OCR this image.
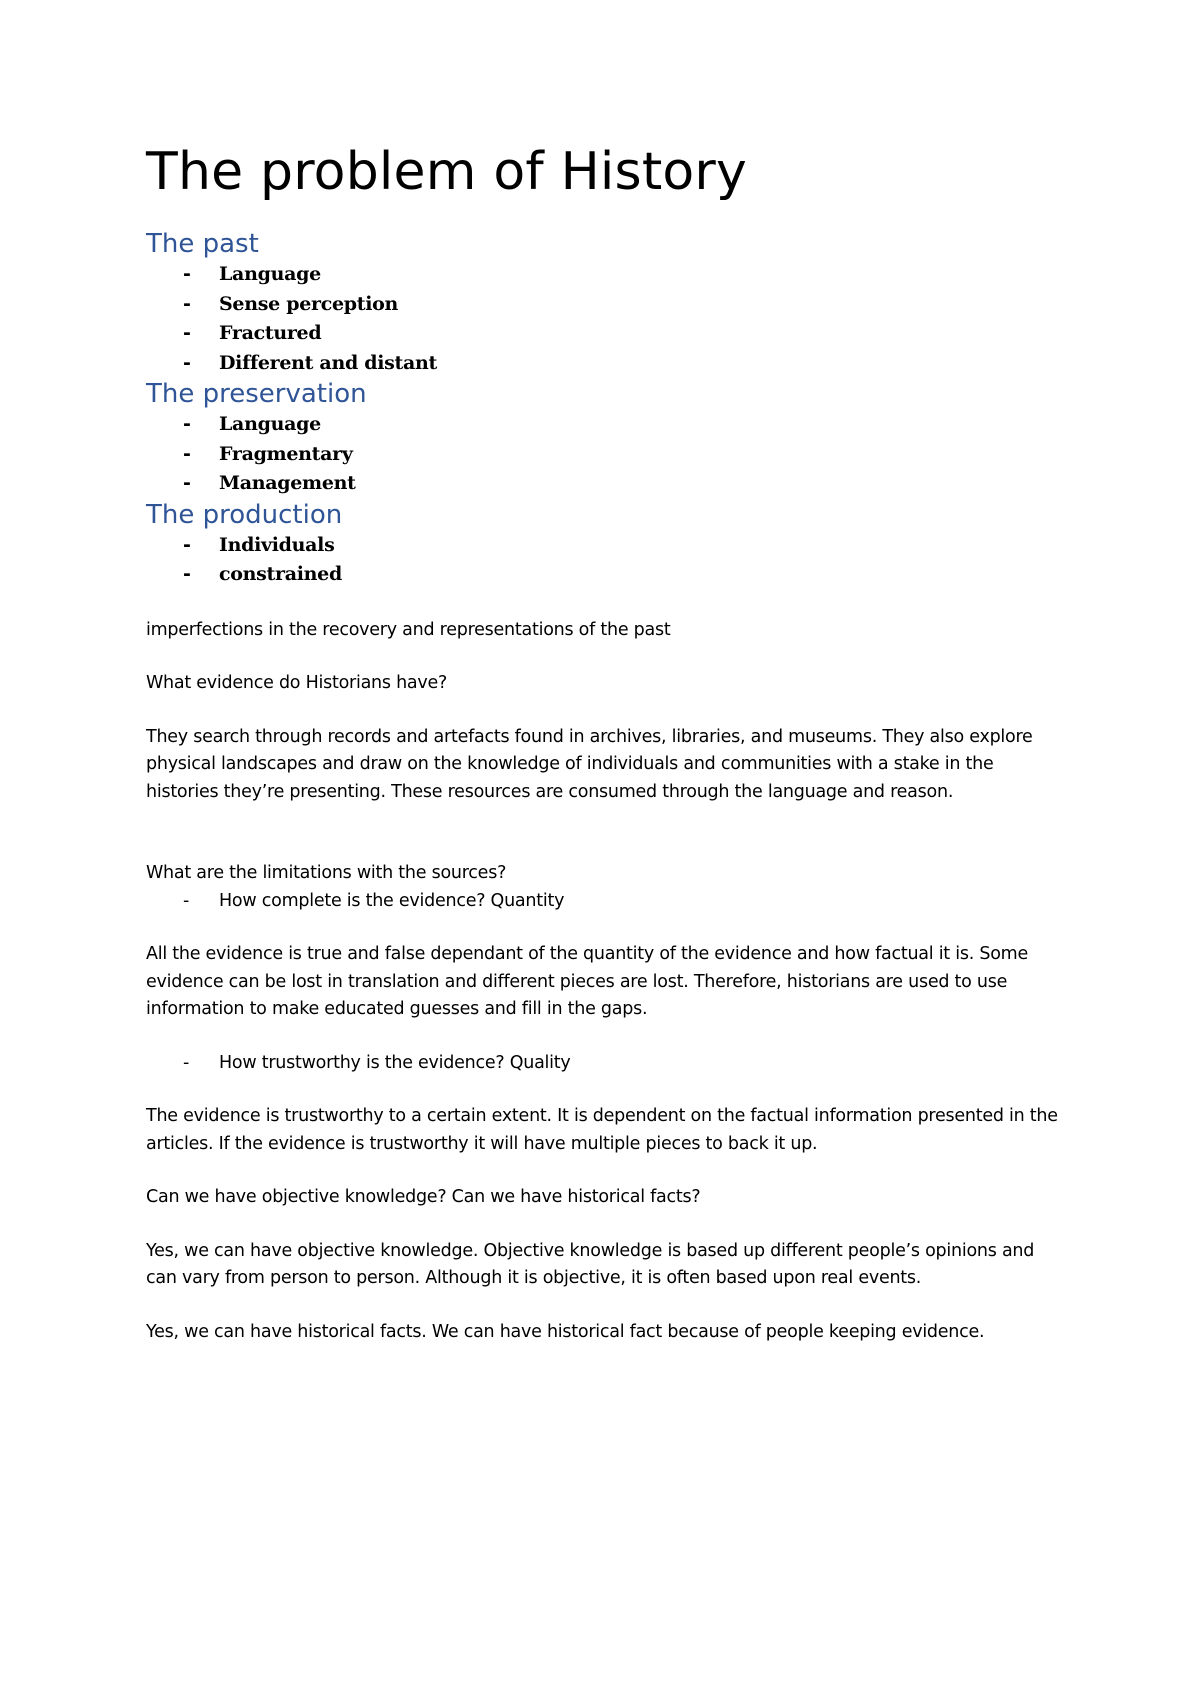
The problem of History
The past
- Language
- Sense perception
- Fractured
- Different and distant
The preservation
- Language
- Fragmentary
- Management
The production
- Individuals
- constrained

imperfections in the recovery and representations of the past

What evidence do Historians have?

They search through records and artefacts found in archives, libraries, and museums. They also explore physical landscapes and draw on the knowledge of individuals and communities with a stake in the histories they’re presenting. These resources are consumed through the language and reason.

What are the limitations with the sources?

- How complete is the evidence? Quantity

All the evidence is true and false dependant of the quantity of the evidence and how factual it is. Some evidence can be lost in translation and different pieces are lost. Therefore, historians are used to use information to make educated guesses and fill in the gaps.

- How trustworthy is the evidence? Quality

The evidence is trustworthy to a certain extent. It is dependent on the factual information presented in the articles. If the evidence is trustworthy it will have multiple pieces to back it up.

Can we have objective knowledge? Can we have historical facts?

Yes, we can have objective knowledge. Objective knowledge is based up different people’s opinions and can vary from person to person. Although it is objective, it is often based upon real events.

Yes, we can have historical facts. We can have historical fact because of people keeping evidence.
